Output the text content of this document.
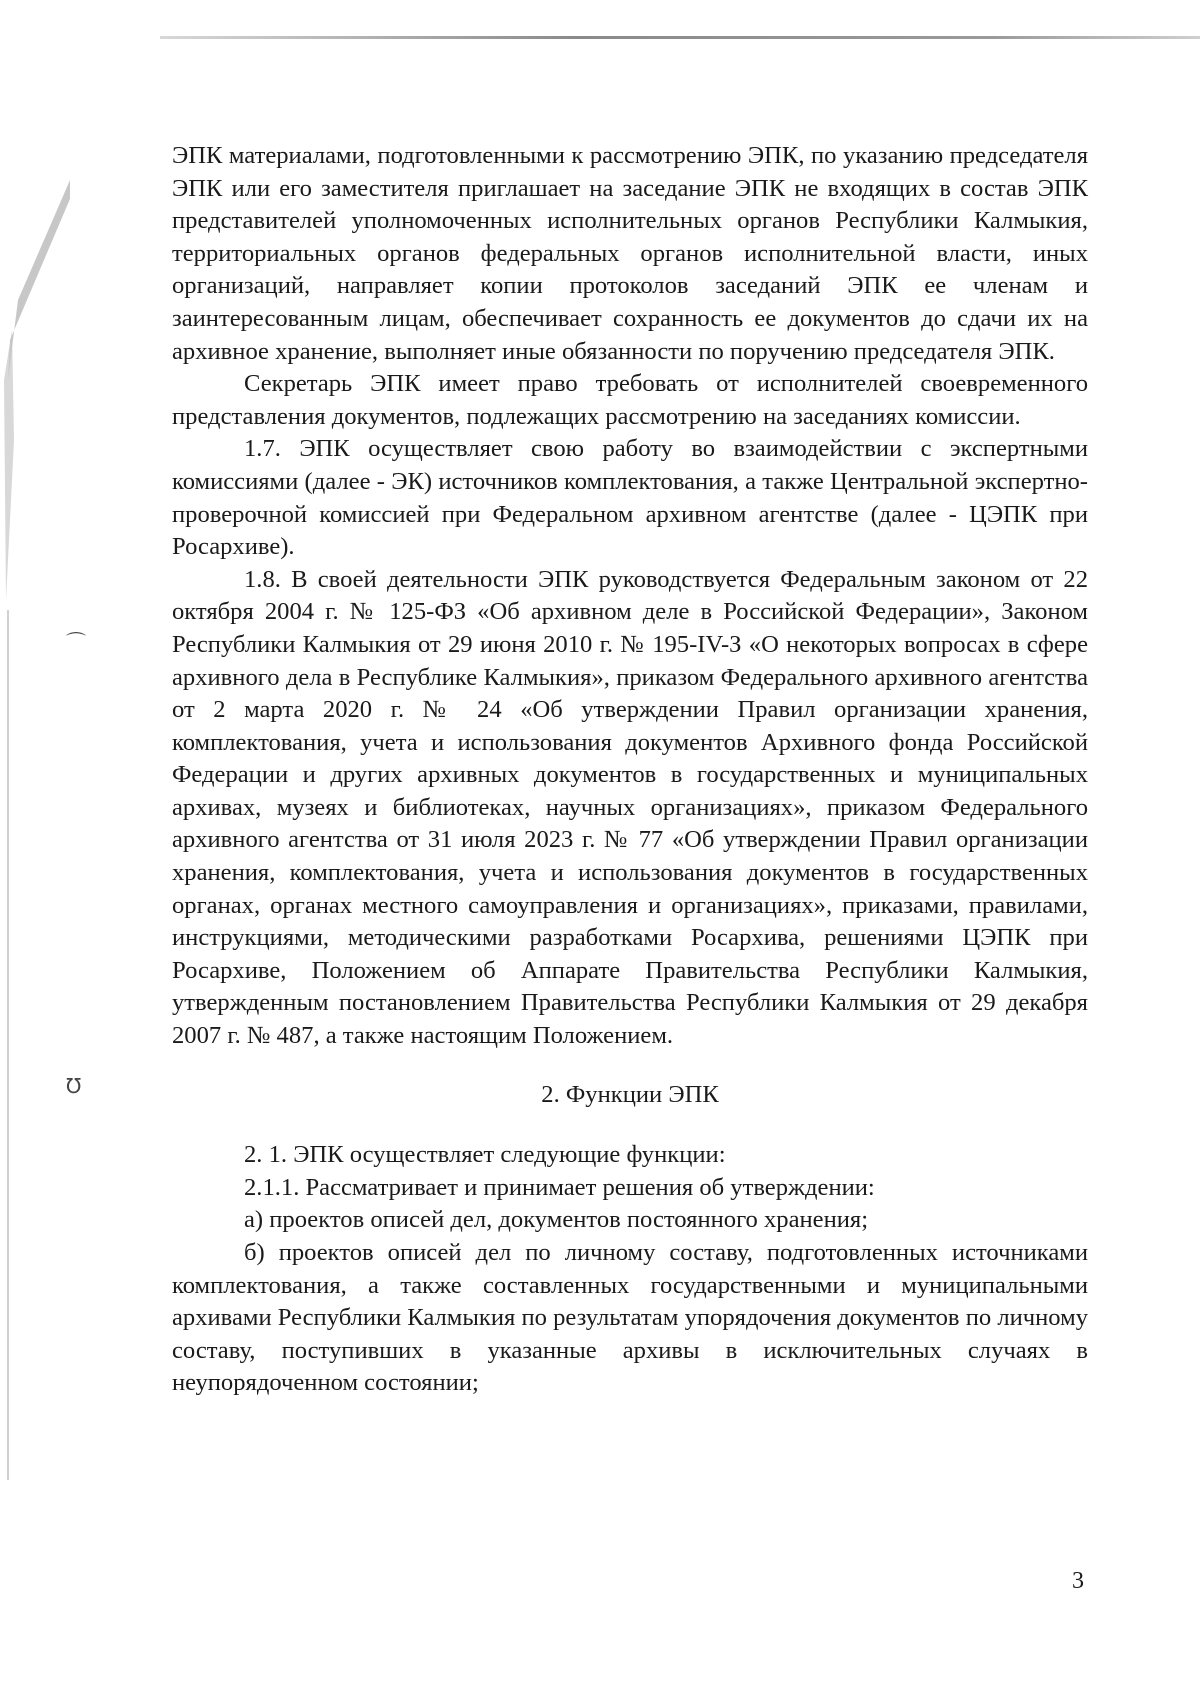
⌒
Ʊ

ЭПК материалами, подготовленными к рассмотрению ЭПК, по указанию председателя ЭПК или его заместителя приглашает на заседание ЭПК не входящих в состав ЭПК представителей уполномоченных исполнительных органов Республики Калмыкия, территориальных органов федеральных органов исполнительной власти, иных организаций, направляет копии протоколов заседаний ЭПК ее членам и заинтересованным лицам, обеспечивает сохранность ее документов до сдачи их на архивное хранение, выполняет иные обязанности по поручению председателя ЭПК.

Секретарь ЭПК имеет право требовать от исполнителей своевременного представления документов, подлежащих рассмотрению на заседаниях комиссии.

1.7. ЭПК осуществляет свою работу во взаимодействии с экспертными комиссиями (далее - ЭК) источников комплектования, а также Центральной экспертно-проверочной комиссией при Федеральном архивном агентстве (далее - ЦЭПК при Росархиве).

1.8. В своей деятельности ЭПК руководствуется Федеральным законом от 22 октября 2004 г. № 125-ФЗ «Об архивном деле в Российской Федерации», Законом Республики Калмыкия от 29 июня 2010 г. № 195-IV-З «О некоторых вопросах в сфере архивного дела в Республике Калмыкия», приказом Федерального архивного агентства от 2 марта 2020 г. № 24 «Об утверждении Правил организации хранения, комплектования, учета и использования документов Архивного фонда Российской Федерации и других архивных документов в государственных и муниципальных архивах, музеях и библиотеках, научных организациях», приказом Федерального архивного агентства от 31 июля 2023 г. № 77 «Об утверждении Правил организации хранения, комплектования, учета и использования документов в государственных органах, органах местного самоуправления и организациях», приказами, правилами, инструкциями, методическими разработками Росархива, решениями ЦЭПК при Росархиве, Положением об Аппарате Правительства Республики Калмыкия, утвержденным постановлением Правительства Республики Калмыкия от 29 декабря 2007 г. № 487, а также настоящим Положением.

2. Функции ЭПК

2. 1. ЭПК осуществляет следующие функции:

2.1.1. Рассматривает и принимает решения об утверждении:

а) проектов описей дел, документов постоянного хранения;

б) проектов описей дел по личному составу, подготовленных источниками комплектования, а также составленных государственными и муниципальными архивами Республики Калмыкия по результатам упорядочения документов по личному составу, поступивших в указанные архивы в исключительных случаях в неупорядоченном состоянии;

3
